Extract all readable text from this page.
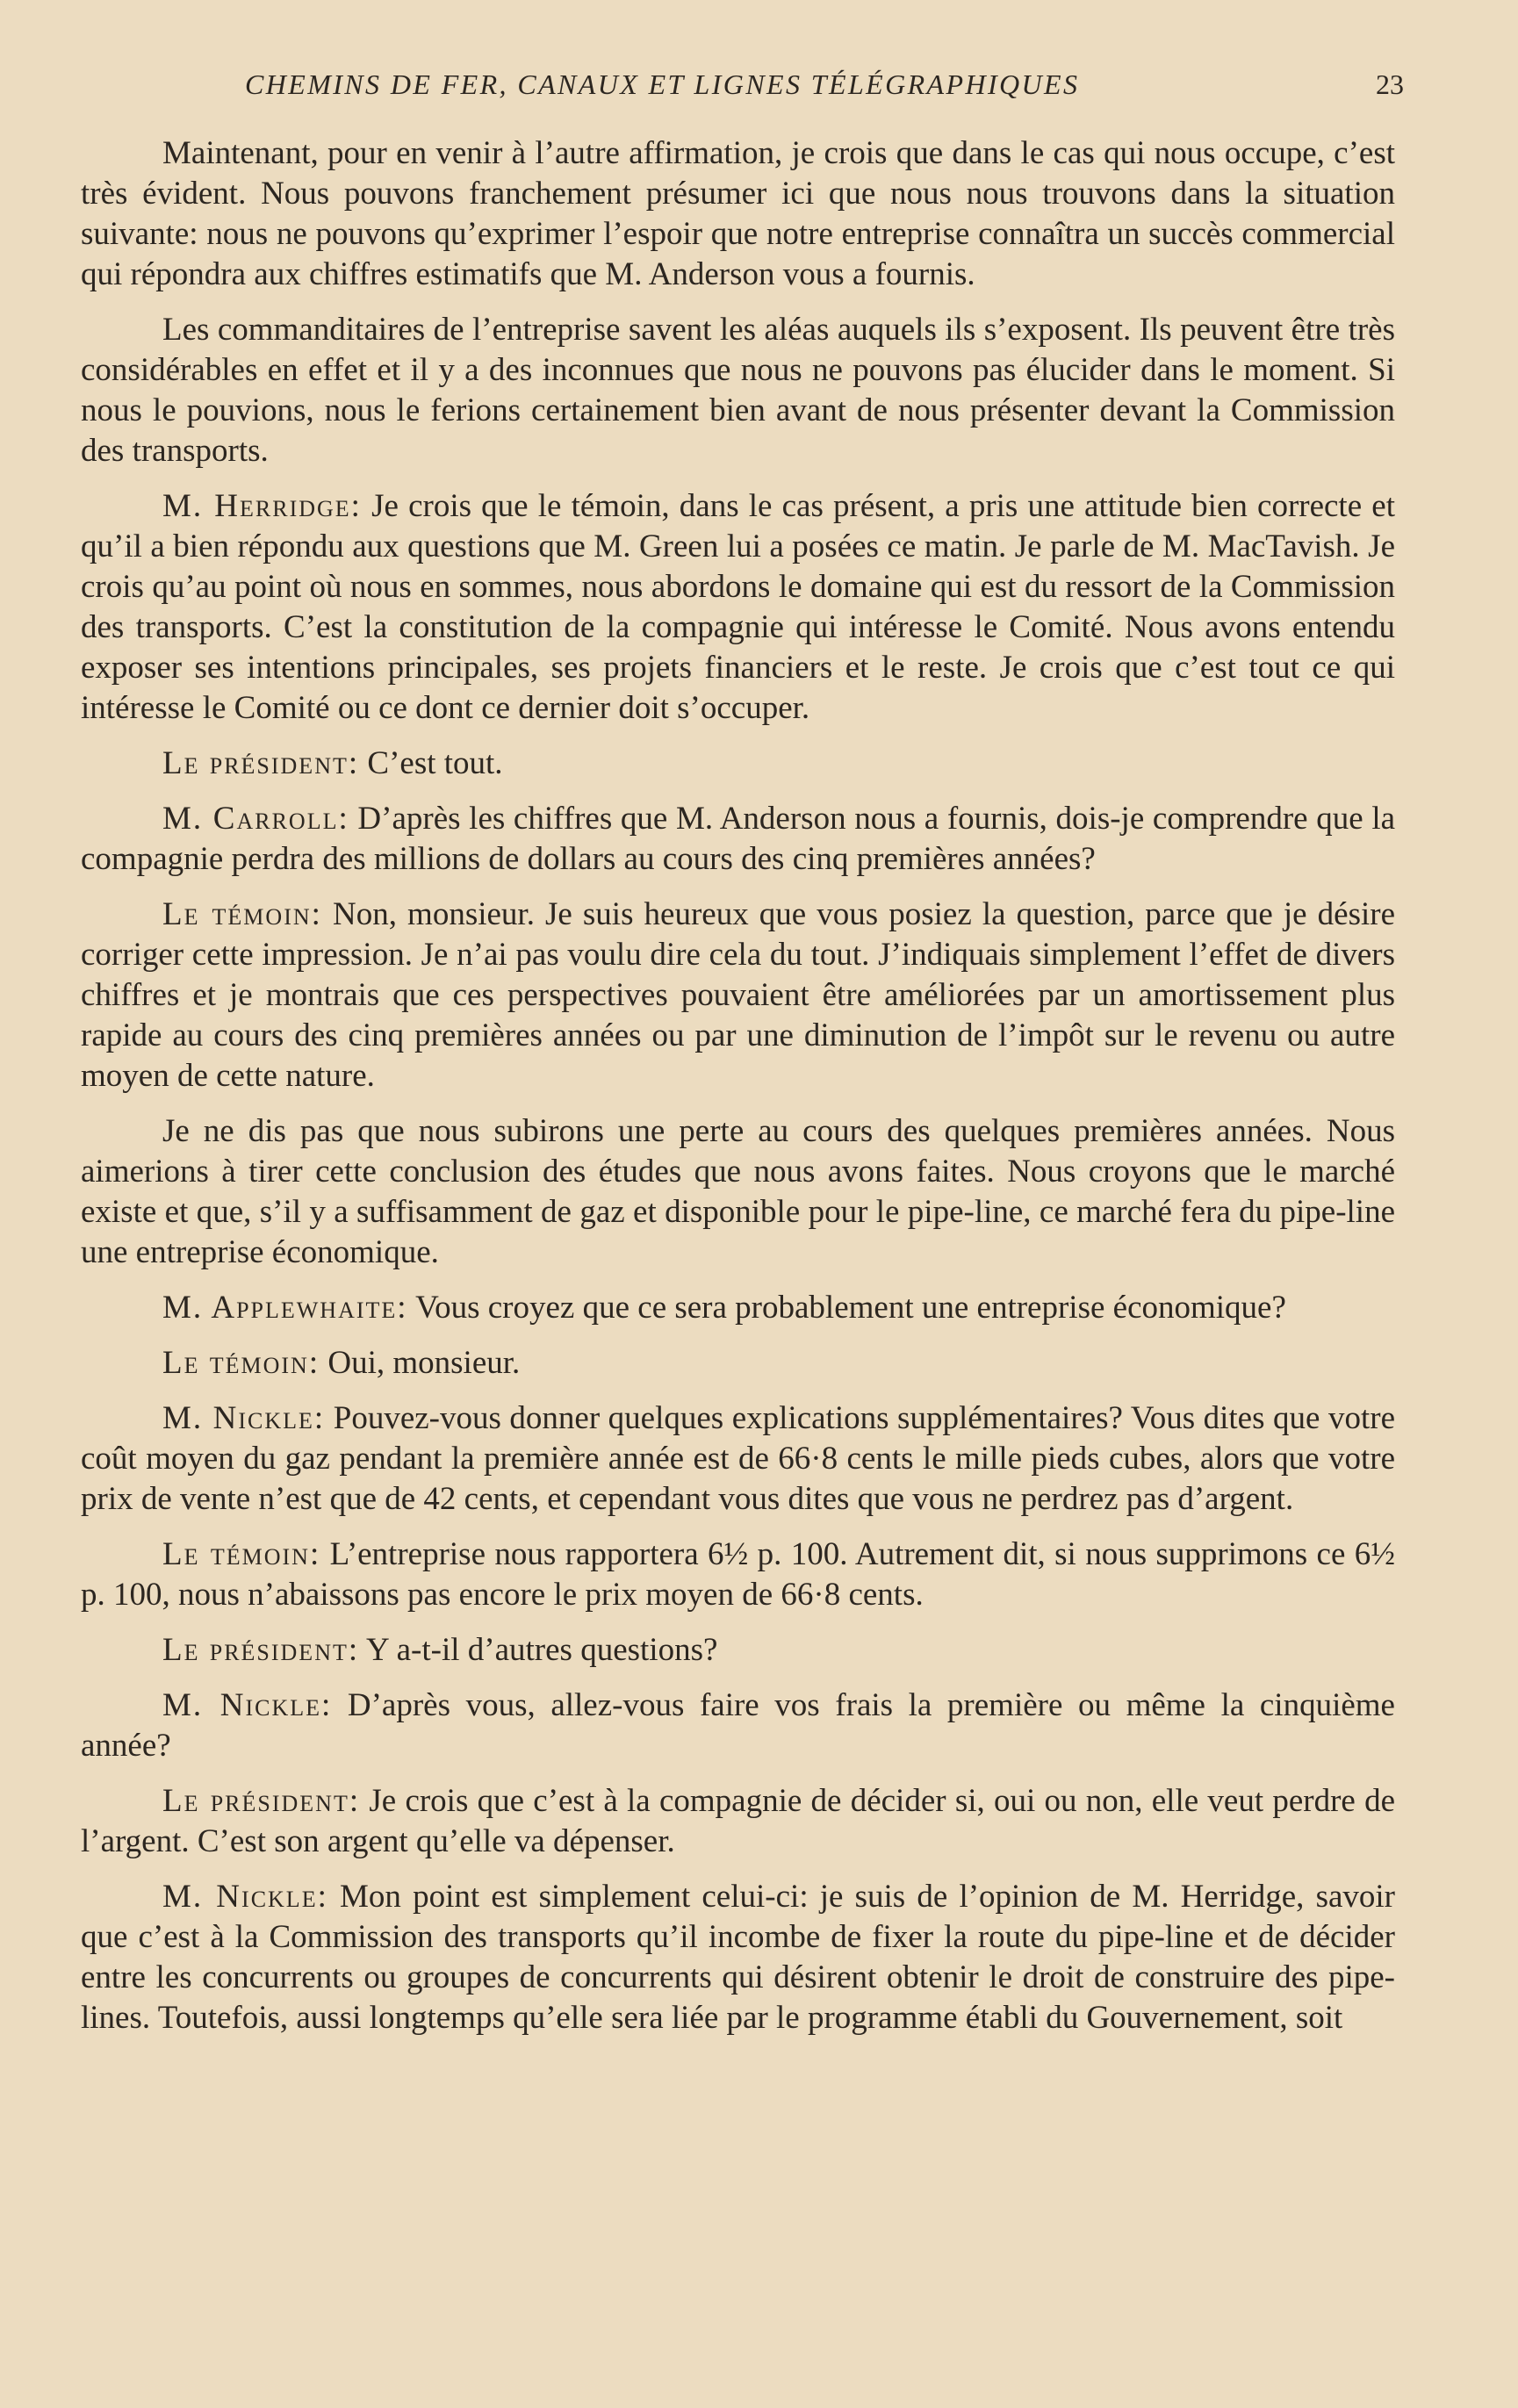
CHEMINS DE FER, CANAUX ET LIGNES TÉLÉGRAPHIQUES	23

Maintenant, pour en venir à l’autre affirmation, je crois que dans le cas qui nous occupe, c’est très évident. Nous pouvons franchement présumer ici que nous nous trouvons dans la situation suivante: nous ne pouvons qu’exprimer l’espoir que notre entreprise connaîtra un succès commercial qui répondra aux chiffres estimatifs que M. Anderson vous a fournis.

Les commanditaires de l’entreprise savent les aléas auquels ils s’exposent. Ils peuvent être très considérables en effet et il y a des inconnues que nous ne pouvons pas élucider dans le moment. Si nous le pouvions, nous le ferions certainement bien avant de nous présenter devant la Commission des transports.

M. Herridge: Je crois que le témoin, dans le cas présent, a pris une attitude bien correcte et qu’il a bien répondu aux questions que M. Green lui a posées ce matin. Je parle de M. MacTavish. Je crois qu’au point où nous en sommes, nous abordons le domaine qui est du ressort de la Commission des transports. C’est la constitution de la compagnie qui intéresse le Comité. Nous avons entendu exposer ses intentions principales, ses projets financiers et le reste. Je crois que c’est tout ce qui intéresse le Comité ou ce dont ce dernier doit s’occuper.

Le président: C’est tout.

M. Carroll: D’après les chiffres que M. Anderson nous a fournis, dois-je comprendre que la compagnie perdra des millions de dollars au cours des cinq premières années?

Le témoin: Non, monsieur. Je suis heureux que vous posiez la question, parce que je désire corriger cette impression. Je n’ai pas voulu dire cela du tout. J’indiquais simplement l’effet de divers chiffres et je montrais que ces perspectives pouvaient être améliorées par un amortissement plus rapide au cours des cinq premières années ou par une diminution de l’impôt sur le revenu ou autre moyen de cette nature.

Je ne dis pas que nous subirons une perte au cours des quelques premières années. Nous aimerions à tirer cette conclusion des études que nous avons faites. Nous croyons que le marché existe et que, s’il y a suffisamment de gaz et disponible pour le pipe-line, ce marché fera du pipe-line une entreprise économique.

M. Applewhaite: Vous croyez que ce sera probablement une entreprise économique?

Le témoin: Oui, monsieur.

M. Nickle: Pouvez-vous donner quelques explications supplémentaires? Vous dites que votre coût moyen du gaz pendant la première année est de 66·8 cents le mille pieds cubes, alors que votre prix de vente n’est que de 42 cents, et cependant vous dites que vous ne perdrez pas d’argent.

Le témoin: L’entreprise nous rapportera 6½ p. 100. Autrement dit, si nous supprimons ce 6½ p. 100, nous n’abaissons pas encore le prix moyen de 66·8 cents.

Le président: Y a-t-il d’autres questions?

M. Nickle: D’après vous, allez-vous faire vos frais la première ou même la cinquième année?

Le président: Je crois que c’est à la compagnie de décider si, oui ou non, elle veut perdre de l’argent. C’est son argent qu’elle va dépenser.

M. Nickle: Mon point est simplement celui-ci: je suis de l’opinion de M. Herridge, savoir que c’est à la Commission des transports qu’il incombe de fixer la route du pipe-line et de décider entre les concurrents ou groupes de concurrents qui désirent obtenir le droit de construire des pipe-lines. Toutefois, aussi longtemps qu’elle sera liée par le programme établi du Gouvernement, soit
